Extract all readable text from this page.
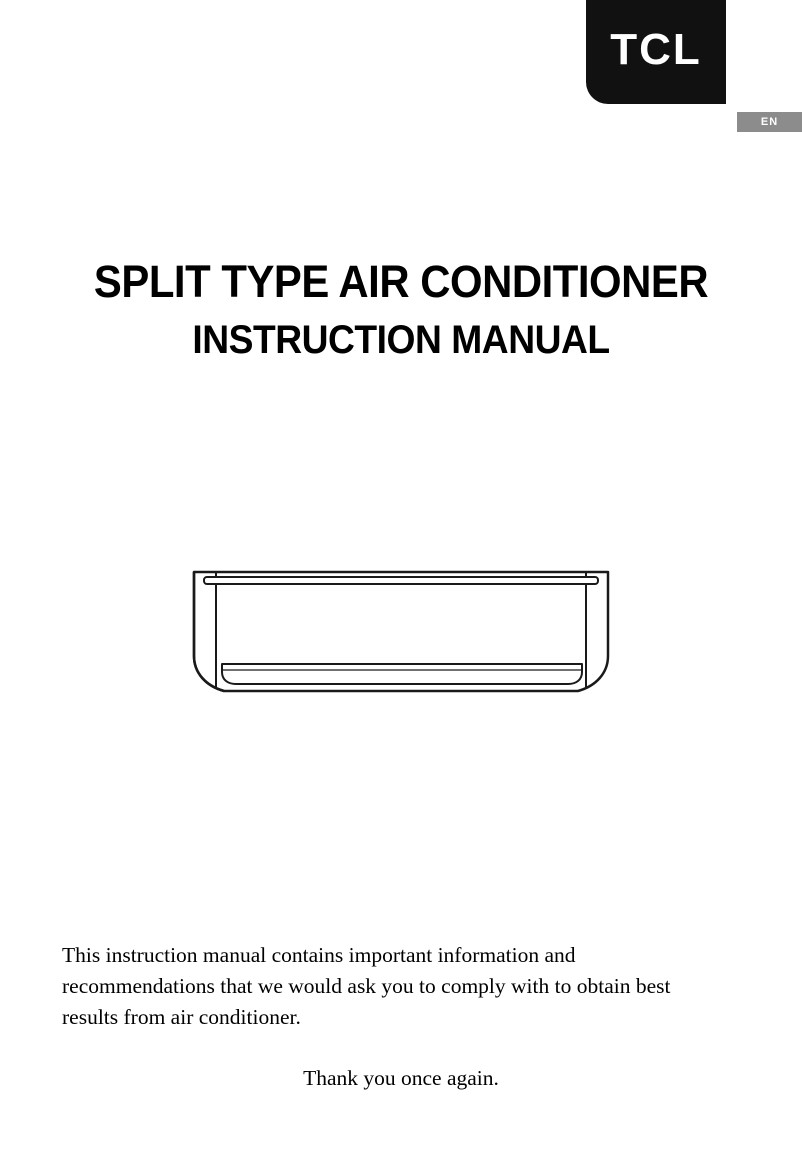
TCL
EN
SPLIT TYPE AIR CONDITIONER
INSTRUCTION MANUAL

This instruction manual contains important information and recommendations that we would ask you to comply with to obtain best results from air conditioner.

Thank you once again.
